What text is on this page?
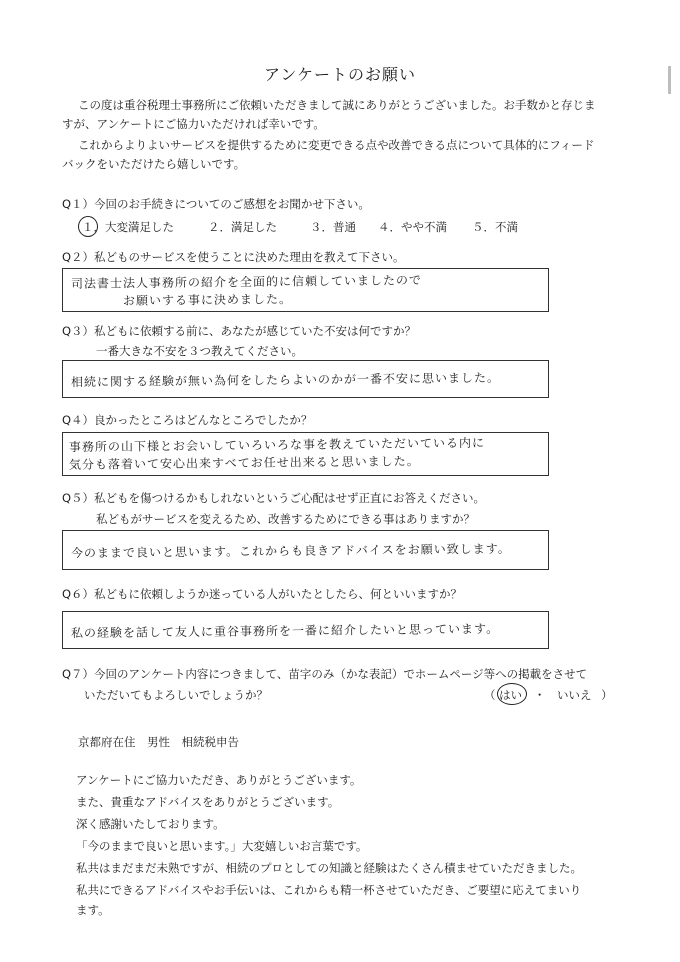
アンケートのお願い
この度は重谷税理士事務所にご依頼いただきまして誠にありがとうございました。お手数かと存じま
すが、アンケートにご協力いただければ幸いです。
これからよりよいサービスを提供するために変更できる点や改善できる点について具体的にフィード
バックをいただけたら嬉しいです。
Q１）今回のお手続きについてのご感想をお聞かせ下さい。
１．大変満足した	２．満足した	３．普通 ４．やや不満 ５．不満
Q２）私どものサービスを使うことに決めた理由を教えて下さい。
司法書士法人事務所の紹介を全面的に信頼していましたので
お願いする事に決めました。
Q３）私どもに依頼する前に、あなたが感じていた不安は何ですか？
一番大きな不安を３つ教えてください。
相続に関する経験が無い為何をしたらよいのかが一番不安に思いました。
Q４）良かったところはどんなところでしたか？
事務所の山下様とお会いしていろいろな事を教えていただいている内に
気分も落着いて安心出来すべてお任せ出来ると思いました。
Q５）私どもを傷つけるかもしれないというご心配はせず正直にお答えください。
私どもがサービスを変えるため、改善するためにできる事はありますか？
今のままで良いと思います。これからも良きアドバイスをお願い致します。
Q６）私どもに依頼しようか迷っている人がいたとしたら、何といいますか？
私の経験を話して友人に重谷事務所を一番に紹介したいと思っています。
Q７）今回のアンケート内容につきまして、苗字のみ（かな表記）でホームページ等への掲載をさせて
いただいてもよろしいでしょうか？	（ はい ・ いいえ ）
京都府在住　男性　相続税申告
アンケートにご協力いただき、ありがとうございます。
また、貴重なアドバイスをありがとうございます。
深く感謝いたしております。
「今のままで良いと思います。」大変嬉しいお言葉です。
私共はまだまだ未熟ですが、相続のプロとしての知識と経験はたくさん積ませていただきました。
私共にできるアドバイスやお手伝いは、これからも精一杯させていただき、ご要望に応えてまいり
ます。
